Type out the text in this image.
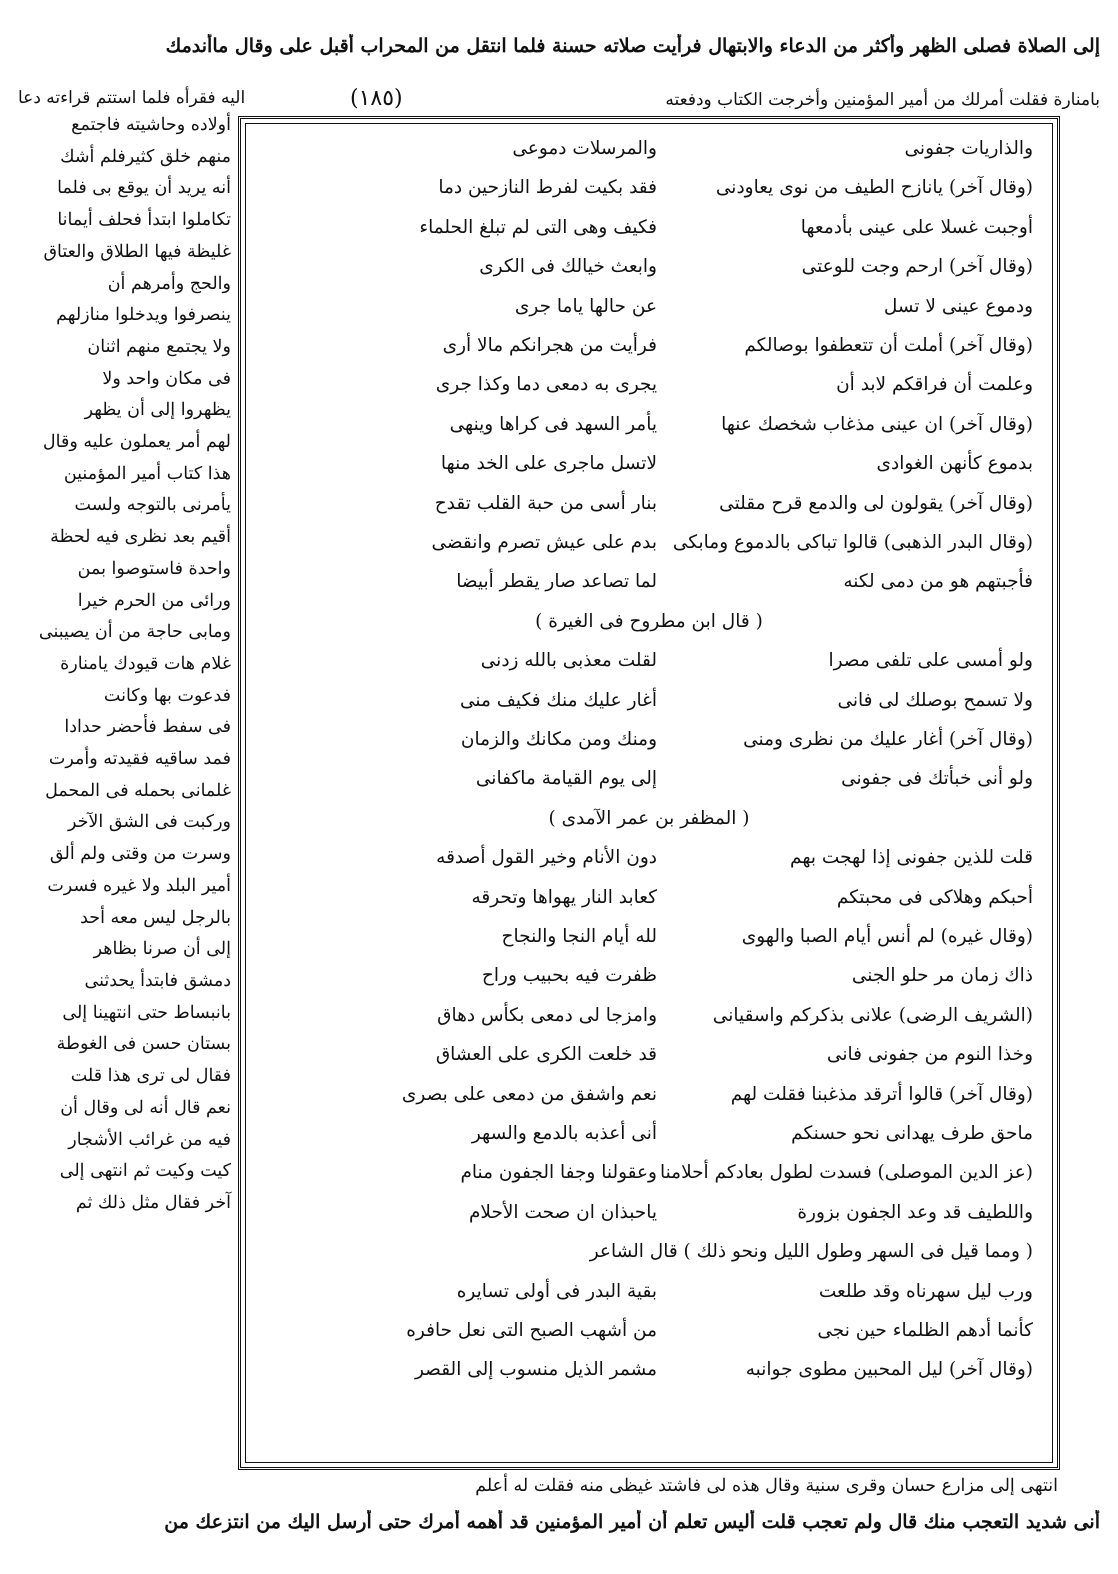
إلى الصلاة فصلى الظهر وأكثر من الدعاء والابتهال فرأيت صلاته حسنة فلما انتقل من المحراب أقبل على وقال ماأندمك
بامنارة فقلت أمرلك من أمير المؤمنين وأخرجت الكتاب ودفعته
(١٨٥)
اليه فقرأه فلما استتم قراءته دعا
أولاده وحاشيته فاجتمع
منهم خلق كثيرفلم أشك
أنه يريد أن يوقع بى فلما
تكاملوا ابتدأ فحلف أيمانا
غليظة فيها الطلاق والعتاق
والحج وأمرهم أن
ينصرفوا ويدخلوا منازلهم
ولا يجتمع منهم اثنان
فى مكان واحد ولا
يظهروا إلى أن يظهر
لهم أمر يعملون عليه وقال
هذا كتاب أمير المؤمنين
يأمرنى بالتوجه ولست
أقيم بعد نظرى فيه لحظة
واحدة فاستوصوا بمن
ورائى من الحرم خيرا
ومابى حاجة من أن يصيبنى
غلام هات قيودك يامنارة
فدعوت بها وكانت
فى سفط فأحضر حدادا
فمد ساقيه فقيدته وأمرت
غلمانى بحمله فى المحمل
وركبت فى الشق الآخر
وسرت من وقتى ولم ألق
أمير البلد ولا غيره فسرت
بالرجل ليس معه أحد
إلى أن صرنا بظاهر
دمشق فابتدأ يحدثنى
بانبساط حتى انتهينا إلى
بستان حسن فى الغوطة
فقال لى ترى هذا قلت
نعم قال أنه لى وقال أن
فيه من غرائب الأشجار
كيت وكيت ثم انتهى إلى
آخر فقال مثل ذلك ثم
والذاريات جفونى
والمرسلات دموعى
(وقال آخر) يانازح الطيف من نوى يعاودنى
فقد بكيت لفرط النازحين دما
أوجبت غسلا على عينى بأدمعها
فكيف وهى التى لم تبلغ الحلماء
(وقال آخر) ارحم وجت للوعتى
وابعث خيالك فى الكرى
ودموع عينى لا تسل
عن حالها ياما جرى
(وقال آخر) أملت أن تتعطفوا بوصالكم
فرأيت من هجرانكم مالا أرى
وعلمت أن فراقكم لابد أن
يجرى به دمعى دما وكذا جرى
(وقال آخر) ان عينى مذغاب شخصك عنها
يأمر السهد فى كراها وينهى
بدموع كأنهن الغوادى
لاتسل ماجرى على الخد منها
(وقال آخر) يقولون لى والدمع قرح مقلتى
بنار أسى من حبة القلب تقدح
(وقال البدر الذهبى) قالوا تباكى بالدموع ومابكى
بدم على عيش تصرم وانقضى
فأجبتهم هو من دمى لكنه
لما تصاعد صار يقطر أبيضا
( قال ابن مطروح فى الغيرة )
ولو أمسى على تلفى مصرا
لقلت معذبى بالله زدنى
ولا تسمح بوصلك لى فانى
أغار عليك منك فكيف منى
(وقال آخر) أغار عليك من نظرى ومنى
ومنك ومن مكانك والزمان
ولو أنى خبأتك فى جفونى
إلى يوم القيامة ماكفانى
( المظفر بن عمر الآمدى )
قلت للذين جفونى إذا لهجت بهم
دون الأنام وخير القول أصدقه
أحبكم وهلاكى فى محبتكم
كعابد النار يهواها وتحرقه
(وقال غيره) لم أنس أيام الصبا والهوى
لله أيام النجا والنجاح
ذاك زمان مر حلو الجنى
ظفرت فيه بحبيب وراح
(الشريف الرضى) علانى بذكركم واسقيانى
وامزجا لى دمعى بكأس دهاق
وخذا النوم من جفونى فانى
قد خلعت الكرى على العشاق
(وقال آخر) قالوا أترقد مذغبنا فقلت لهم
نعم واشفق من دمعى على بصرى
ماحق طرف يهدانى نحو حسنكم
أنى أعذبه بالدمع والسهر
(عز الدين الموصلى) فسدت لطول بعادكم أحلامنا
وعقولنا وجفا الجفون منام
واللطيف قد وعد الجفون بزورة
ياحبذان ان صحت الأحلام
( ومما قيل فى السهر وطول الليل ونحو ذلك ) قال الشاعر
ورب ليل سهرناه وقد طلعت
بقية البدر فى أولى تسايره
كأنما أدهم الظلماء حين نجى
من أشهب الصبح التى نعل حافره
(وقال آخر) ليل المحبين مطوى جوانبه
مشمر الذيل منسوب إلى القصر
انتهى إلى مزارع حسان وقرى سنية وقال هذه لى فاشتد غيظى منه فقلت له أعلم
أنى شديد التعجب منك قال ولم تعجب قلت أليس تعلم أن أمير المؤمنين قد أهمه أمرك حتى أرسل اليك من انتزعك من
